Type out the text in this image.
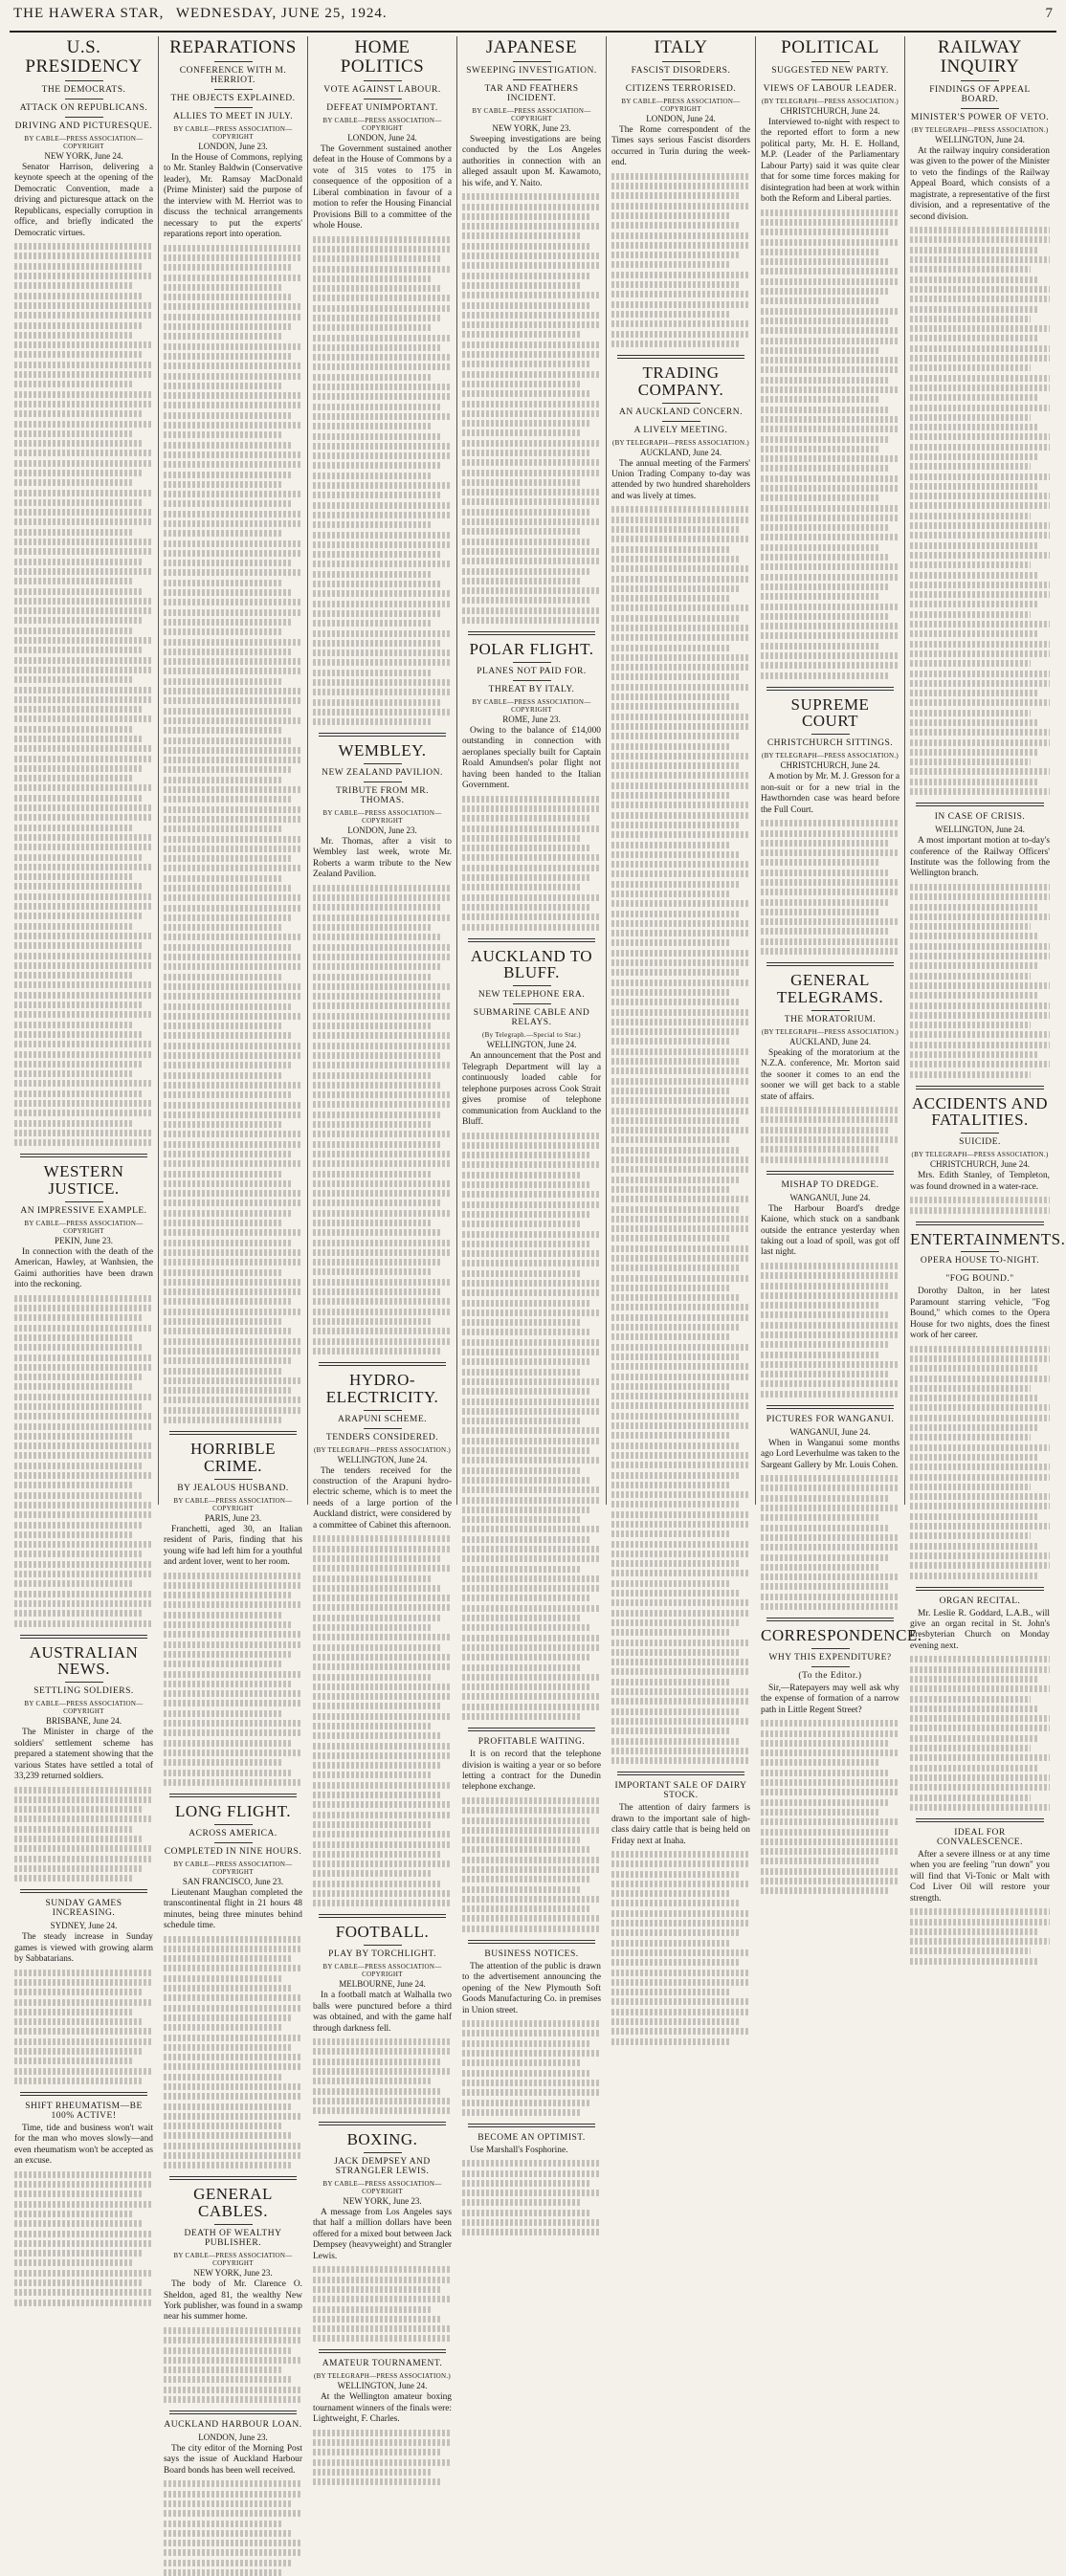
THE HAWERA STAR, WEDNESDAY, JUNE 25, 1924.	7
U.S. PRESIDENCY
THE DEMOCRATS.
ATTACK ON REPUBLICANS.
DRIVING AND PICTURESQUE.
BY CABLE—PRESS ASSOCIATION—COPYRIGHT
NEW YORK, June 24.

Senator Harrison, delivering a keynote speech at the opening of the Democratic Convention, made a driving and picturesque attack on the Republicans, especially corruption in office, and briefly indicated the Democratic virtues.

WESTERN JUSTICE.
AN IMPRESSIVE EXAMPLE.
BY CABLE—PRESS ASSOCIATION—COPYRIGHT
PEKIN, June 23.

In connection with the death of the American, Hawley, at Wanhsien, the Gaimi authorities have been drawn into the reckoning.

AUSTRALIAN NEWS.
SETTLING SOLDIERS.
BY CABLE—PRESS ASSOCIATION—COPYRIGHT
BRISBANE, June 24.

The Minister in charge of the soldiers' settlement scheme has prepared a statement showing that the various States have settled a total of 33,239 returned soldiers.

SUNDAY GAMES INCREASING.
SYDNEY, June 24.

The steady increase in Sunday games is viewed with growing alarm by Sabbatarians.

SHIFT RHEUMATISM—BE 100% ACTIVE!

Time, tide and business won't wait for the man who moves slowly—and even rheumatism won't be accepted as an excuse.

REPARATIONS
CONFERENCE WITH M. HERRIOT.
THE OBJECTS EXPLAINED.
ALLIES TO MEET IN JULY.
BY CABLE—PRESS ASSOCIATION—COPYRIGHT
LONDON, June 23.

In the House of Commons, replying to Mr. Stanley Baldwin (Conservative leader), Mr. Ramsay MacDonald (Prime Minister) said the purpose of the interview with M. Herriot was to discuss the technical arrangements necessary to put the experts' reparations report into operation.

HORRIBLE CRIME.
BY JEALOUS HUSBAND.
BY CABLE—PRESS ASSOCIATION—COPYRIGHT
PARIS, June 23.

Franchetti, aged 30, an Italian resident of Paris, finding that his young wife had left him for a youthful and ardent lover, went to her room.

LONG FLIGHT.
ACROSS AMERICA.
COMPLETED IN NINE HOURS.
BY CABLE—PRESS ASSOCIATION—COPYRIGHT
SAN FRANCISCO, June 23.

Lieutenant Maughan completed the transcontinental flight in 21 hours 48 minutes, being three minutes behind schedule time.

GENERAL CABLES.
DEATH OF WEALTHY PUBLISHER.
BY CABLE—PRESS ASSOCIATION—COPYRIGHT
NEW YORK, June 23.

The body of Mr. Clarence O. Sheldon, aged 81, the wealthy New York publisher, was found in a swamp near his summer home.

AUCKLAND HARBOUR LOAN.
LONDON, June 23.

The city editor of the Morning Post says the issue of Auckland Harbour Board bonds has been well received.

HOME POLITICS
VOTE AGAINST LABOUR.
DEFEAT UNIMPORTANT.
BY CABLE—PRESS ASSOCIATION—COPYRIGHT
LONDON, June 24.

The Government sustained another defeat in the House of Commons by a vote of 315 votes to 175 in consequence of the opposition of a Liberal combination in favour of a motion to refer the Housing Financial Provisions Bill to a committee of the whole House.

WEMBLEY.
NEW ZEALAND PAVILION.
TRIBUTE FROM MR. THOMAS.
BY CABLE—PRESS ASSOCIATION—COPYRIGHT
LONDON, June 23.

Mr. Thomas, after a visit to Wembley last week, wrote Mr. Roberts a warm tribute to the New Zealand Pavilion.

HYDRO-ELECTRICITY.
ARAPUNI SCHEME.
TENDERS CONSIDERED.
(BY TELEGRAPH—PRESS ASSOCIATION.)
WELLINGTON, June 24.

The tenders received for the construction of the Arapuni hydro-electric scheme, which is to meet the needs of a large portion of the Auckland district, were considered by a committee of Cabinet this afternoon.

FOOTBALL.
PLAY BY TORCHLIGHT.
BY CABLE—PRESS ASSOCIATION—COPYRIGHT
MELBOURNE, June 24.

In a football match at Walhalla two balls were punctured before a third was obtained, and with the game half through darkness fell.

BOXING.
JACK DEMPSEY AND STRANGLER LEWIS.
BY CABLE—PRESS ASSOCIATION—COPYRIGHT
NEW YORK, June 23.

A message from Los Angeles says that half a million dollars have been offered for a mixed bout between Jack Dempsey (heavyweight) and Strangler Lewis.

AMATEUR TOURNAMENT.
(BY TELEGRAPH—PRESS ASSOCIATION.)
WELLINGTON, June 24.

At the Wellington amateur boxing tournament winners of the finals were: Lightweight, F. Charles.

JAPANESE
SWEEPING INVESTIGATION.
TAR AND FEATHERS INCIDENT.
BY CABLE—PRESS ASSOCIATION—COPYRIGHT
NEW YORK, June 23.

Sweeping investigations are being conducted by the Los Angeles authorities in connection with an alleged assault upon M. Kawamoto, his wife, and Y. Naito.

POLAR FLIGHT.
PLANES NOT PAID FOR.
THREAT BY ITALY.
BY CABLE—PRESS ASSOCIATION—COPYRIGHT
ROME, June 23.

Owing to the balance of £14,000 outstanding in connection with aeroplanes specially built for Captain Roald Amundsen's polar flight not having been handed to the Italian Government.

AUCKLAND TO BLUFF.
NEW TELEPHONE ERA.
SUBMARINE CABLE AND RELAYS.
(By Telegraph.—Special to Star.)
WELLINGTON, June 24.

An announcement that the Post and Telegraph Department will lay a continuously loaded cable for telephone purposes across Cook Strait gives promise of telephone communication from Auckland to the Bluff.

PROFITABLE WAITING.

It is on record that the telephone division is waiting a year or so before letting a contract for the Dunedin telephone exchange.

BUSINESS NOTICES.

The attention of the public is drawn to the advertisement announcing the opening of the New Plymouth Soft Goods Manufacturing Co. in premises in Union street.

BECOME AN OPTIMIST.

Use Marshall's Fosphorine.

ITALY
FASCIST DISORDERS.
CITIZENS TERRORISED.
BY CABLE—PRESS ASSOCIATION—COPYRIGHT
LONDON, June 24.

The Rome correspondent of the Times says serious Fascist disorders occurred in Turin during the week-end.

TRADING COMPANY.
AN AUCKLAND CONCERN.
A LIVELY MEETING.
(BY TELEGRAPH—PRESS ASSOCIATION.)
AUCKLAND, June 24.

The annual meeting of the Farmers' Union Trading Company to-day was attended by two hundred shareholders and was lively at times.

IMPORTANT SALE OF DAIRY STOCK.

The attention of dairy farmers is drawn to the important sale of high-class dairy cattle that is being held on Friday next at Inaha.

POLITICAL
SUGGESTED NEW PARTY.
VIEWS OF LABOUR LEADER.
(BY TELEGRAPH—PRESS ASSOCIATION.)
CHRISTCHURCH, June 24.

Interviewed to-night with respect to the reported effort to form a new political party, Mr. H. E. Holland, M.P. (Leader of the Parliamentary Labour Party) said it was quite clear that for some time forces making for disintegration had been at work within both the Reform and Liberal parties.

SUPREME COURT
CHRISTCHURCH SITTINGS.
(BY TELEGRAPH—PRESS ASSOCIATION.)
CHRISTCHURCH, June 24.

A motion by Mr. M. J. Gresson for a non-suit or for a new trial in the Hawthornden case was heard before the Full Court.

GENERAL TELEGRAMS.
THE MORATORIUM.
(BY TELEGRAPH—PRESS ASSOCIATION.)
AUCKLAND, June 24.

Speaking of the moratorium at the N.Z.A. conference, Mr. Morton said the sooner it comes to an end the sooner we will get back to a stable state of affairs.

MISHAP TO DREDGE.
WANGANUI, June 24.

The Harbour Board's dredge Kaione, which stuck on a sandbank outside the entrance yesterday when taking out a load of spoil, was got off last night.

PICTURES FOR WANGANUI.
WANGANUI, June 24.

When in Wanganui some months ago Lord Leverhulme was taken to the Sargeant Gallery by Mr. Louis Cohen.

CORRESPONDENCE.
WHY THIS EXPENDITURE?
(To the Editor.)

Sir,—Ratepayers may well ask why the expense of formation of a narrow path in Little Regent Street?

RAILWAY INQUIRY
FINDINGS OF APPEAL BOARD.
MINISTER'S POWER OF VETO.
(BY TELEGRAPH—PRESS ASSOCIATION.)
WELLINGTON, June 24.

At the railway inquiry consideration was given to the power of the Minister to veto the findings of the Railway Appeal Board, which consists of a magistrate, a representative of the first division, and a representative of the second division.

IN CASE OF CRISIS.
WELLINGTON, June 24.

A most important motion at to-day's conference of the Railway Officers' Institute was the following from the Wellington branch.

ACCIDENTS AND FATALITIES.
SUICIDE.
(BY TELEGRAPH—PRESS ASSOCIATION.)
CHRISTCHURCH, June 24.

Mrs. Edith Stanley, of Templeton, was found drowned in a water-race.

ENTERTAINMENTS.
OPERA HOUSE TO-NIGHT.
"FOG BOUND."

Dorothy Dalton, in her latest Paramount starring vehicle, "Fog Bound," which comes to the Opera House for two nights, does the finest work of her career.

ORGAN RECITAL.

Mr. Leslie R. Goddard, L.A.B., will give an organ recital in St. John's Presbyterian Church on Monday evening next.

IDEAL FOR CONVALESCENCE.

After a severe illness or at any time when you are feeling "run down" you will find that Vi-Tonic or Malt with Cod Liver Oil will restore your strength.
